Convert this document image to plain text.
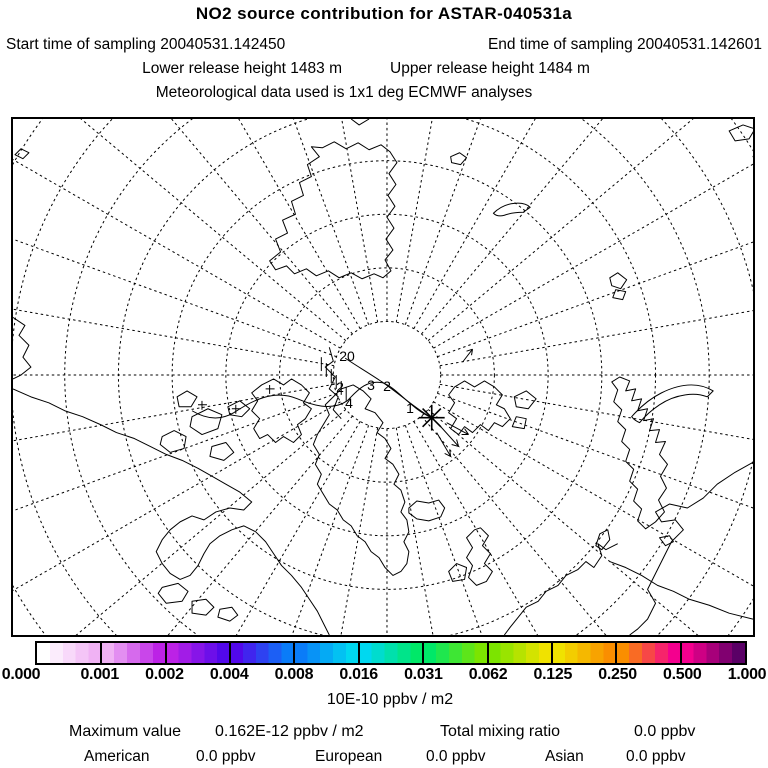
NO2 source contribution for ASTAR-040531a
Start time of sampling 20040531.142450	End time of sampling 20040531.142601
Lower release height 1483 m	Upper release height 1484 m
Meteorological data used is 1x1 deg ECMWF analyses
20
2 3 2
4	1
0.000	0.001 0.002 0.004 0.008 0.016 0.031 0.062 0.125 0.250 0.500 1.000
10E-10 ppbv / m2
Maximum value 0.162E-12 ppbv / m2	Total mixing ratio	0.0 ppbv
American	0.0 ppbv	European	0.0 ppbv	Asian	0.0 ppbv
